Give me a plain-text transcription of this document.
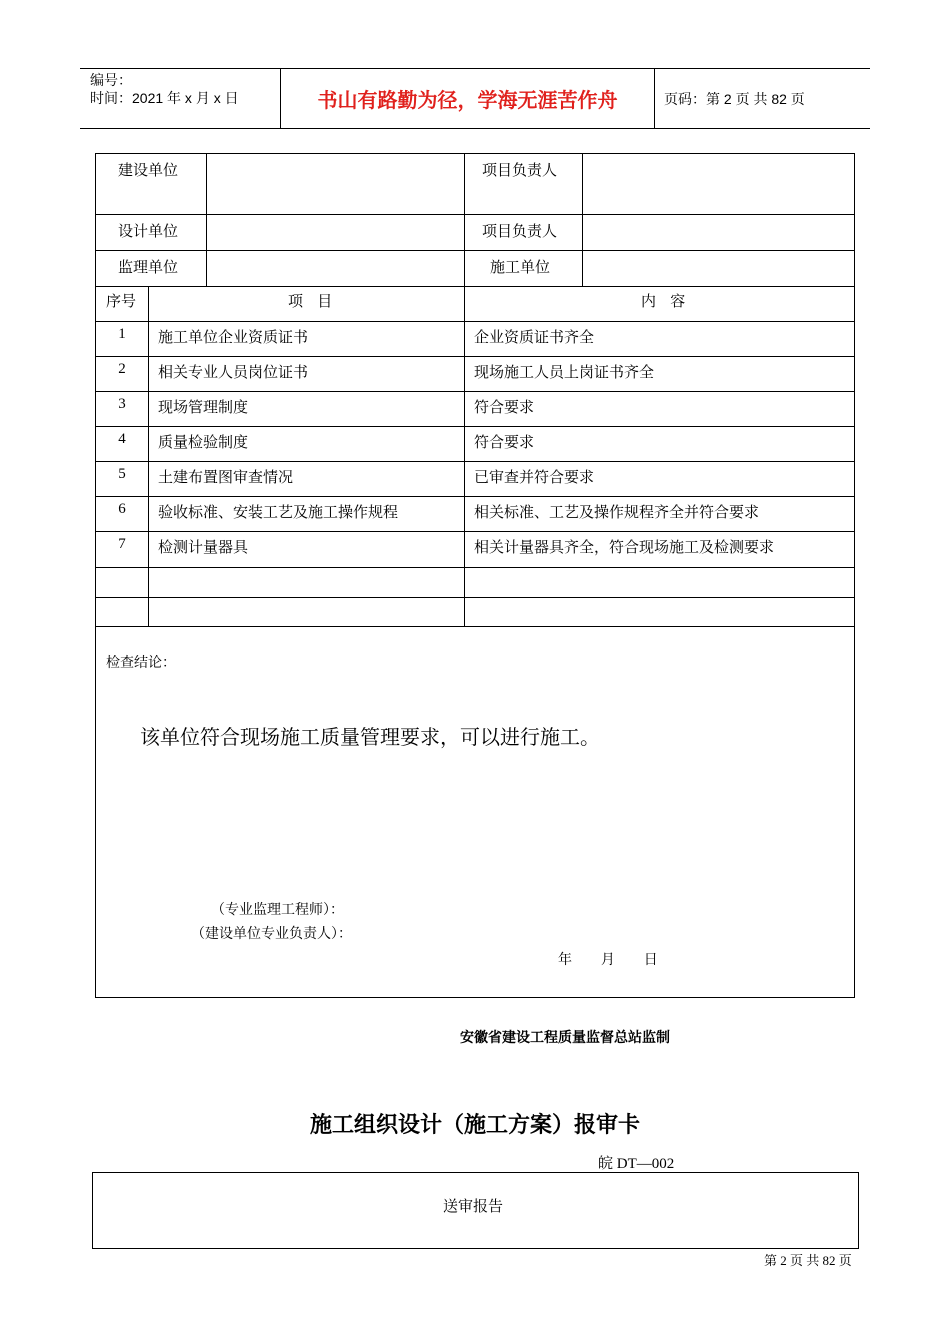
编号：
时间：2021 年 x 月 x 日	书山有路勤为径，学海无涯苦作舟	页码：第 2 页 共 82 页
建设单位	项目负责人
设计单位	项目负责人
监理单位	施工单位
序号	项   目	内   容
1	施工单位企业资质证书	企业资质证书齐全
2	相关专业人员岗位证书	现场施工人员上岗证书齐全
3	现场管理制度	符合要求
4	质量检验制度	符合要求
5	土建布置图审查情况	已审查并符合要求
6	验收标准、安装工艺及施工操作规程	相关标准、工艺及操作规程齐全并符合要求
7	检测计量器具	相关计量器具齐全，符合现场施工及检测要求
检查结论：
该单位符合现场施工质量管理要求，可以进行施工。
（专业监理工程师）：
（建设单位专业负责人）：
年  月  日
安徽省建设工程质量监督总站监制
施工组织设计（施工方案）报审卡
皖 DT—002
送审报告
第 2 页 共 82 页
